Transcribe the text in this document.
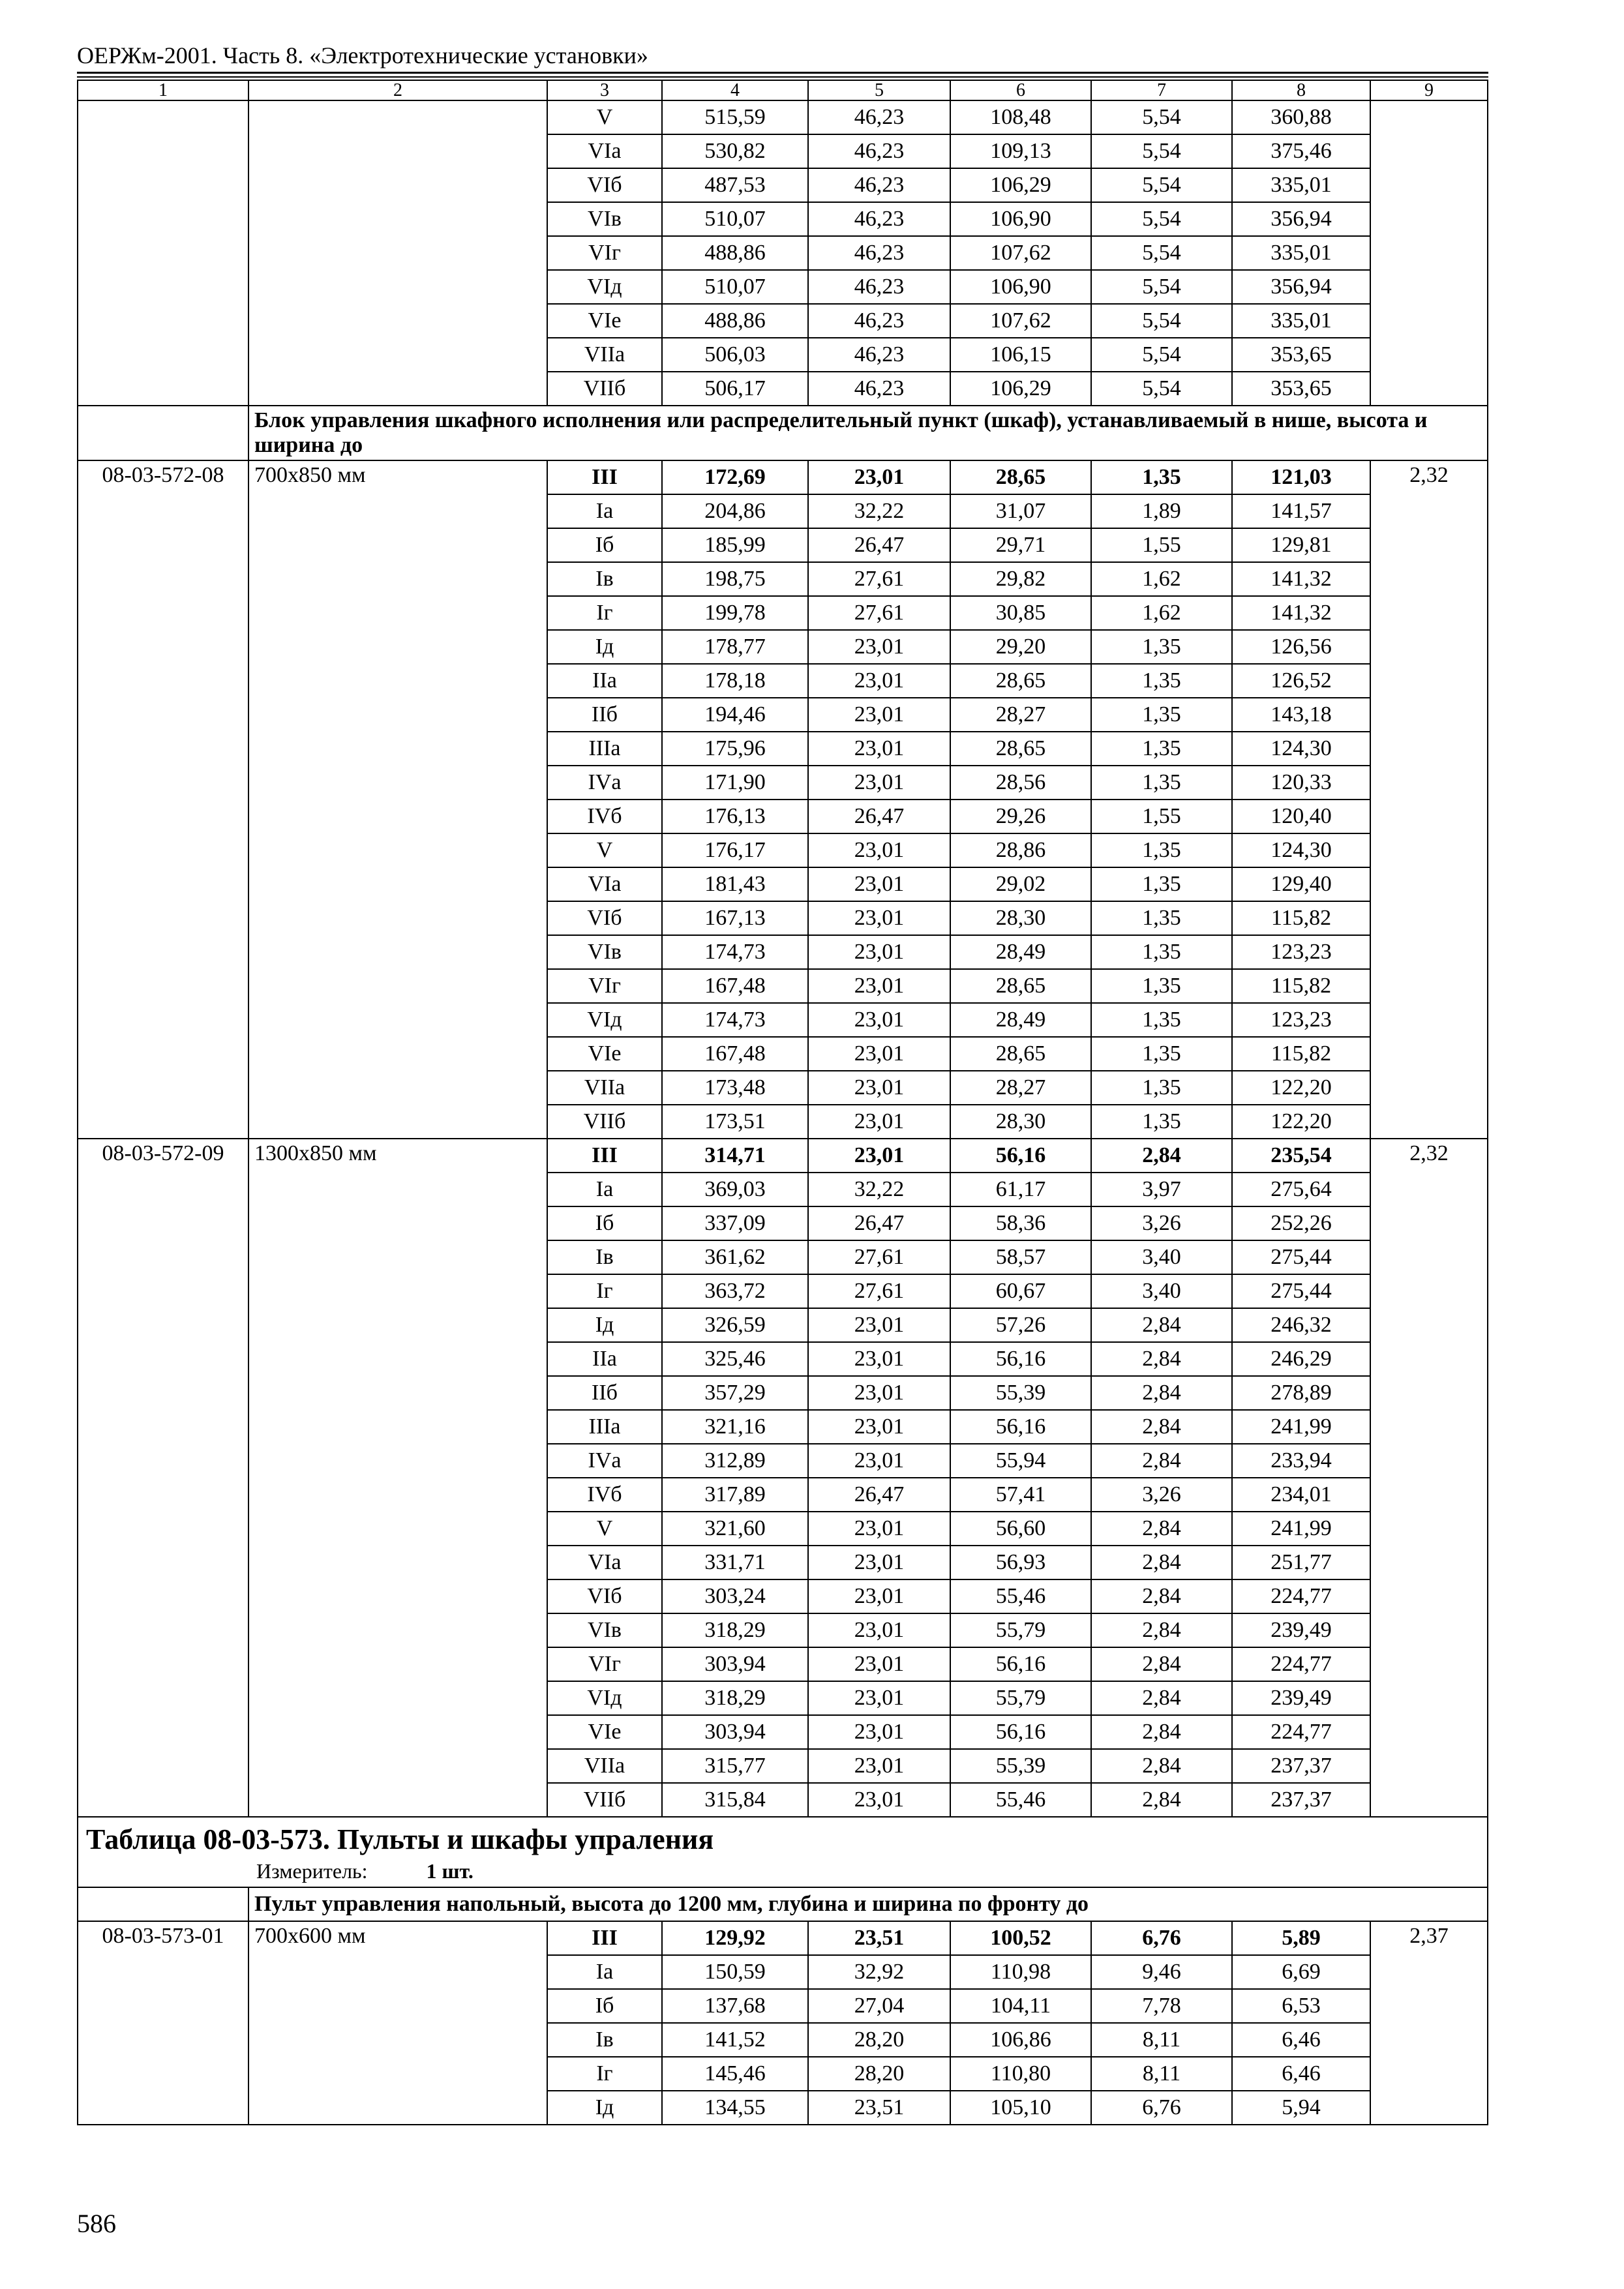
ОЕРЖм-2001. Часть 8. «Электротехнические установки»
1	2	3	4	5	6	7	8	9
		V	515,59	46,23	108,48	5,54	360,88	
		VIа	530,82	46,23	109,13	5,54	375,46	
		VIб	487,53	46,23	106,29	5,54	335,01	
		VIв	510,07	46,23	106,90	5,54	356,94	
		VIг	488,86	46,23	107,62	5,54	335,01	
		VIд	510,07	46,23	106,90	5,54	356,94	
		VIе	488,86	46,23	107,62	5,54	335,01	
		VIIа	506,03	46,23	106,15	5,54	353,65	
		VIIб	506,17	46,23	106,29	5,54	353,65	
	Блок управления шкафного исполнения или распределительный пункт (шкаф), устанавливаемый в нише, высота и ширина до							
08-03-572-08	700х850 мм	III	172,69	23,01	28,65	1,35	121,03	2,32
		Iа	204,86	32,22	31,07	1,89	141,57	
		Iб	185,99	26,47	29,71	1,55	129,81	
		Iв	198,75	27,61	29,82	1,62	141,32	
		Iг	199,78	27,61	30,85	1,62	141,32	
		Iд	178,77	23,01	29,20	1,35	126,56	
		IIа	178,18	23,01	28,65	1,35	126,52	
		IIб	194,46	23,01	28,27	1,35	143,18	
		IIIа	175,96	23,01	28,65	1,35	124,30	
		IVа	171,90	23,01	28,56	1,35	120,33	
		IVб	176,13	26,47	29,26	1,55	120,40	
		V	176,17	23,01	28,86	1,35	124,30	
		VIа	181,43	23,01	29,02	1,35	129,40	
		VIб	167,13	23,01	28,30	1,35	115,82	
		VIв	174,73	23,01	28,49	1,35	123,23	
		VIг	167,48	23,01	28,65	1,35	115,82	
		VIд	174,73	23,01	28,49	1,35	123,23	
		VIе	167,48	23,01	28,65	1,35	115,82	
		VIIа	173,48	23,01	28,27	1,35	122,20	
		VIIб	173,51	23,01	28,30	1,35	122,20	
08-03-572-09	1300х850 мм	III	314,71	23,01	56,16	2,84	235,54	2,32
		Iа	369,03	32,22	61,17	3,97	275,64	
		Iб	337,09	26,47	58,36	3,26	252,26	
		Iв	361,62	27,61	58,57	3,40	275,44	
		Iг	363,72	27,61	60,67	3,40	275,44	
		Iд	326,59	23,01	57,26	2,84	246,32	
		IIа	325,46	23,01	56,16	2,84	246,29	
		IIб	357,29	23,01	55,39	2,84	278,89	
		IIIа	321,16	23,01	56,16	2,84	241,99	
		IVа	312,89	23,01	55,94	2,84	233,94	
		IVб	317,89	26,47	57,41	3,26	234,01	
		V	321,60	23,01	56,60	2,84	241,99	
		VIа	331,71	23,01	56,93	2,84	251,77	
		VIб	303,24	23,01	55,46	2,84	224,77	
		VIв	318,29	23,01	55,79	2,84	239,49	
		VIг	303,94	23,01	56,16	2,84	224,77	
		VIд	318,29	23,01	55,79	2,84	239,49	
		VIе	303,94	23,01	56,16	2,84	224,77	
		VIIа	315,77	23,01	55,39	2,84	237,37	
		VIIб	315,84	23,01	55,46	2,84	237,37	

Таблица 08-03-573. Пульты и шкафы упраления
Измеритель: 1 шт.								

	Пульт управления напольный, высота до 1200 мм, глубина и ширина по фронту до							
08-03-573-01	700х600 мм	III	129,92	23,51	100,52	6,76	5,89	2,37
		Iа	150,59	32,92	110,98	9,46	6,69	
		Iб	137,68	27,04	104,11	7,78	6,53	
		Iв	141,52	28,20	106,86	8,11	6,46	
		Iг	145,46	28,20	110,80	8,11	6,46	
		Iд	134,55	23,51	105,10	6,76	5,94	
586
